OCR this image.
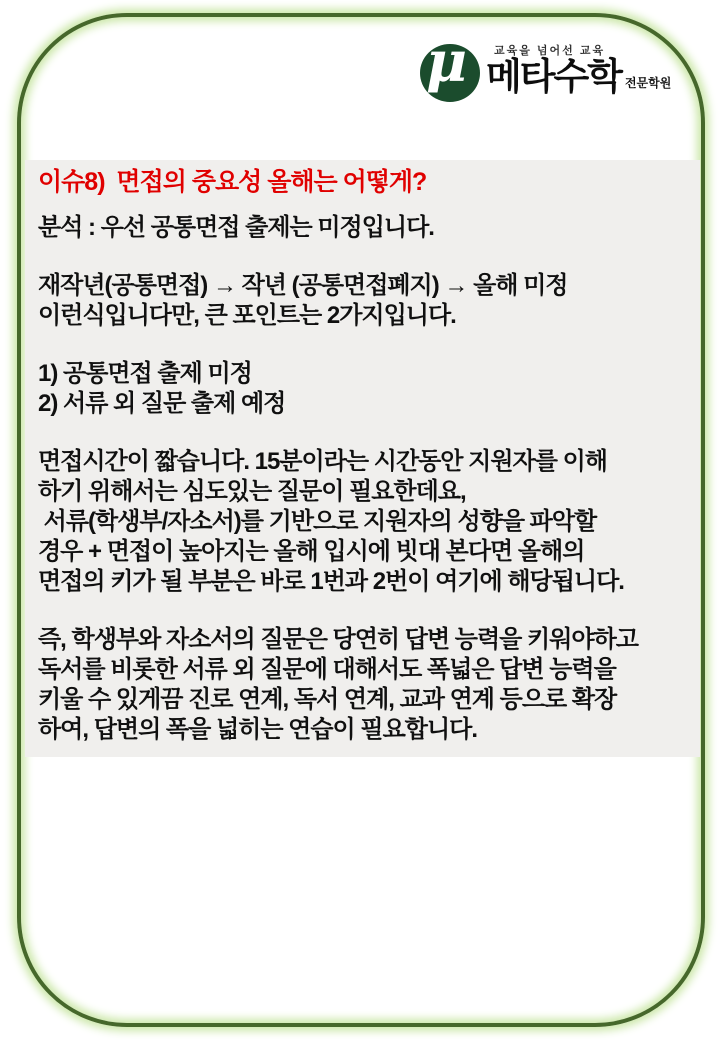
μ 교육을 넘어선 교육
메타수학 전문학원
이슈8)  면접의 중요성 올해는 어떻게?
분석 : 우선 공통면접 출제는 미정입니다.
재작년(공통면접) → 작년 (공통면접폐지) → 올해 미정
이런식입니다만, 큰 포인트는 2가지입니다.
1) 공통면접 출제 미정
2) 서류 외 질문 출제 예정
면접시간이 짧습니다. 15분이라는 시간동안 지원자를 이해
하기 위해서는 심도있는 질문이 필요한데요,
서류(학생부/자소서)를 기반으로 지원자의 성향을 파악할
경우 + 면접이 높아지는 올해 입시에 빗대 본다면 올해의
면접의 키가 될 부분은 바로 1번과 2번이 여기에 해당됩니다.
즉, 학생부와 자소서의 질문은 당연히 답변 능력을 키워야하고
독서를 비롯한 서류 외 질문에 대해서도 폭넓은 답변 능력을
키울 수 있게끔 진로 연계, 독서 연계, 교과 연계 등으로 확장
하여, 답변의 폭을 넓히는 연습이 필요합니다.
